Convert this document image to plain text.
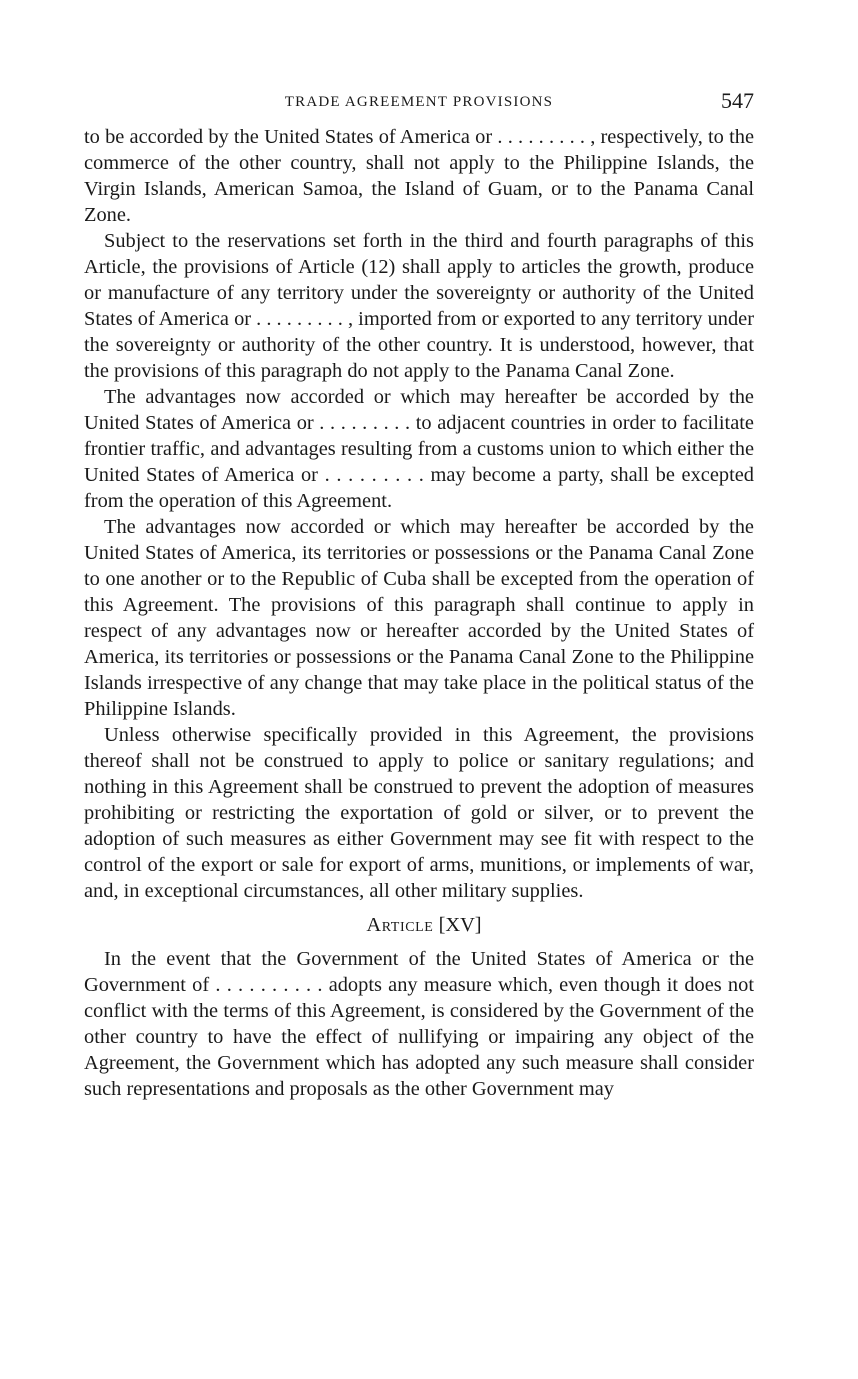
TRADE AGREEMENT PROVISIONS	547

to be accorded by the United States of America or . . . . . . . . . , respectively, to the commerce of the other country, shall not apply to the Philippine Islands, the Virgin Islands, American Samoa, the Island of Guam, or to the Panama Canal Zone.

Subject to the reservations set forth in the third and fourth paragraphs of this Article, the provisions of Article (12) shall apply to articles the growth, produce or manufacture of any territory under the sovereignty or authority of the United States of America or . . . . . . . . . , imported from or exported to any territory under the sovereignty or authority of the other country. It is understood, however, that the provisions of this paragraph do not apply to the Panama Canal Zone.

The advantages now accorded or which may hereafter be accorded by the United States of America or . . . . . . . . . to adjacent countries in order to facilitate frontier traffic, and advantages resulting from a customs union to which either the United States of America or . . . . . . . . . may become a party, shall be excepted from the operation of this Agreement.

The advantages now accorded or which may hereafter be accorded by the United States of America, its territories or possessions or the Panama Canal Zone to one another or to the Republic of Cuba shall be excepted from the operation of this Agreement. The provisions of this paragraph shall continue to apply in respect of any advantages now or hereafter accorded by the United States of America, its territories or possessions or the Panama Canal Zone to the Philippine Islands irrespective of any change that may take place in the political status of the Philippine Islands.

Unless otherwise specifically provided in this Agreement, the provisions thereof shall not be construed to apply to police or sanitary regulations; and nothing in this Agreement shall be construed to prevent the adoption of measures prohibiting or restricting the exportation of gold or silver, or to prevent the adoption of such measures as either Government may see fit with respect to the control of the export or sale for export of arms, munitions, or implements of war, and, in exceptional circumstances, all other military supplies.

Article [XV]

In the event that the Government of the United States of America or the Government of . . . . . . . . . . adopts any measure which, even though it does not conflict with the terms of this Agreement, is considered by the Government of the other country to have the effect of nullifying or impairing any object of the Agreement, the Government which has adopted any such measure shall consider such representations and proposals as the other Government may
